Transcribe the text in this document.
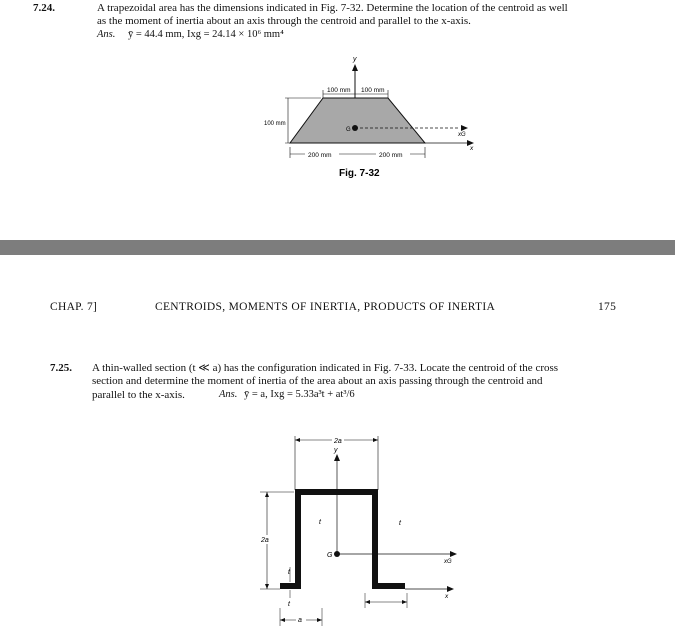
7.24.	A trapezoidal area has the dimensions indicated in Fig. 7-32. Determine the location of the centroid as well
as the moment of inertia about an axis through the centroid and parallel to the x-axis.
Ans. ȳ = 44.4 mm, Ixg = 24.14 × 10⁶ mm⁴
y
100 mm 100 mm
G
xG
x
100 mm
200 mm	200 mm
Fig. 7-32
CHAP. 7]	CENTROIDS, MOMENTS OF INERTIA, PRODUCTS OF INERTIA	175
7.25. A thin-walled section (t ≪ a) has the configuration indicated in Fig. 7-33. Locate the centroid of the cross
section and determine the moment of inertia of the area about an axis passing through the centroid and
parallel to the x-axis.	Ans. ȳ = a, Ixg = 5.33a³t + at³/6
2a
y
t	t
t
t
G
xG
x
2a
a
